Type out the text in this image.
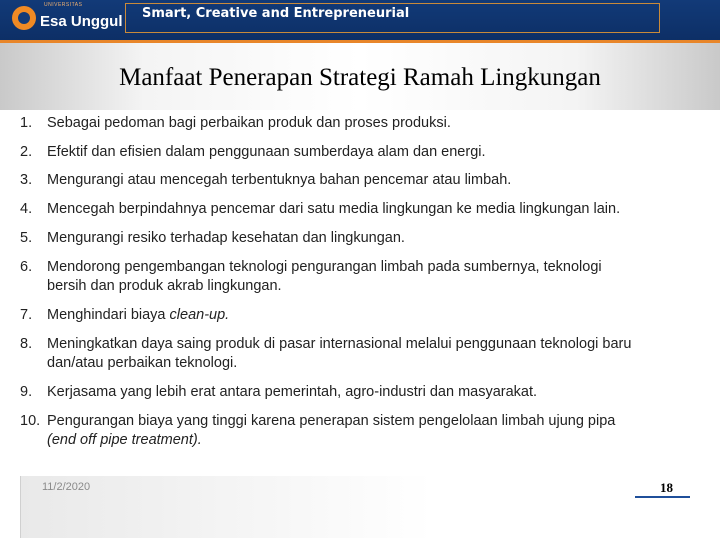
Esa Unggul
UNIVERSITAS
Smart, Creative and Entrepreneurial
Manfaat Penerapan Strategi Ramah Lingkungan
1. Sebagai pedoman bagi perbaikan produk dan proses produksi.
2. Efektif dan efisien dalam penggunaan sumberdaya alam dan energi.
3. Mengurangi atau mencegah terbentuknya bahan pencemar atau limbah.
4. Mencegah berpindahnya pencemar dari satu media lingkungan ke media lingkungan lain.
5. Mengurangi resiko terhadap kesehatan dan lingkungan.
6. Mendorong pengembangan teknologi pengurangan limbah pada sumbernya, teknologi
bersih dan produk akrab lingkungan.
7. Menghindari biaya clean-up.
8. Meningkatkan daya saing produk di pasar internasional melalui penggunaan teknologi baru
dan/atau perbaikan teknologi.
9. Kerjasama yang lebih erat antara pemerintah, agro-industri dan masyarakat.
10. Pengurangan biaya yang tinggi karena penerapan sistem pengelolaan limbah ujung pipa
(end off pipe treatment).
11/2/2020	18
